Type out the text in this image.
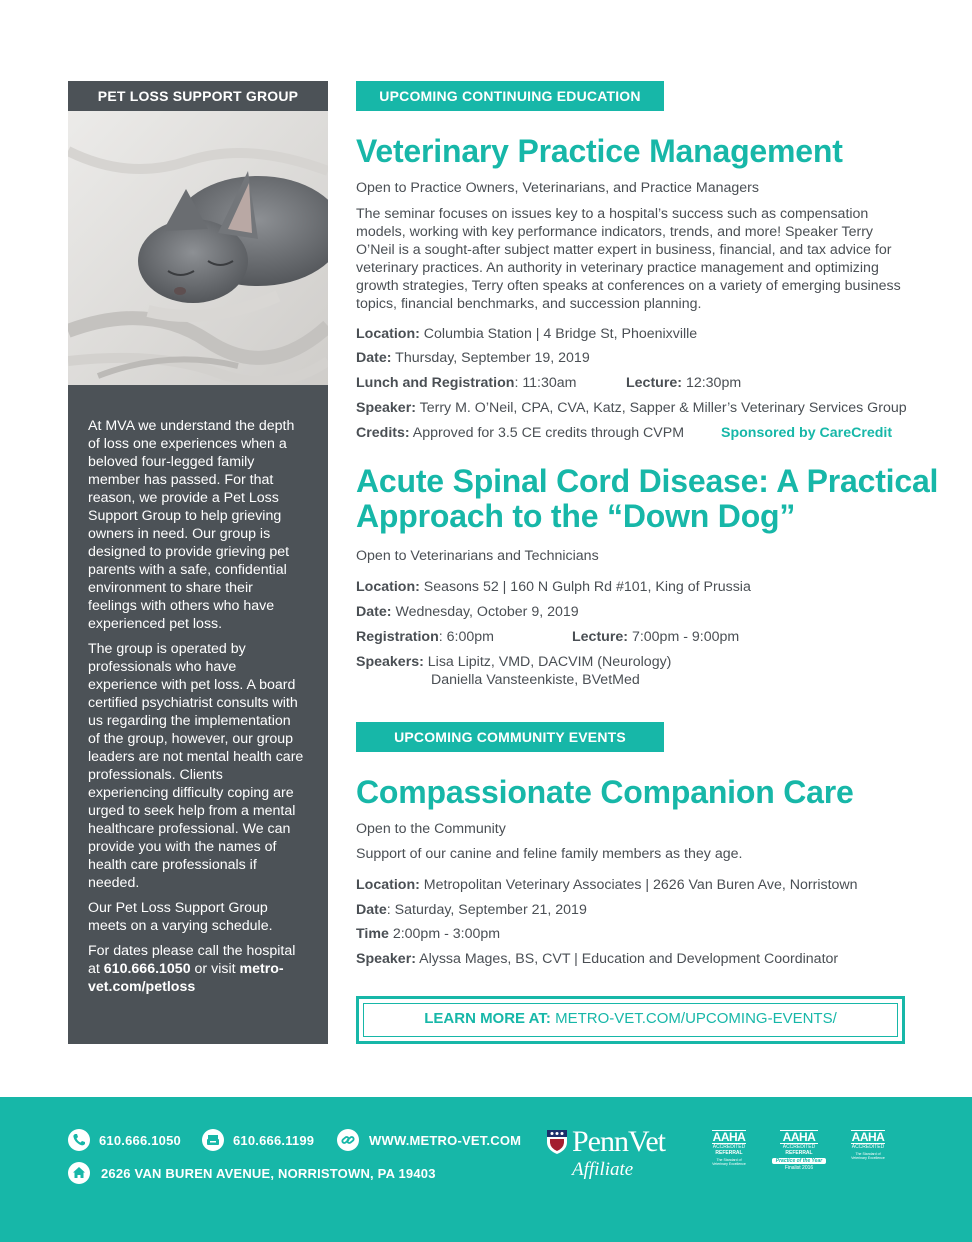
PET LOSS SUPPORT GROUP

At MVA we understand the depth of loss one experiences when a beloved four-legged family member has passed. For that reason, we provide a Pet Loss Support Group to help grieving owners in need. Our group is designed to provide grieving pet parents with a safe, confidential environment to share their feelings with others who have experienced pet loss.

The group is operated by professionals who have experience with pet loss. A board certified psychiatrist consults with us regarding the implementation of the group, however, our group leaders are not mental health care professionals. Clients experiencing difficulty coping are urged to seek help from a mental healthcare professional. We can provide you with the names of health care professionals if needed.

Our Pet Loss Support Group meets on a varying schedule.

For dates please call the hospital at 610.666.1050 or visit metro-vet.com/petloss

UPCOMING CONTINUING EDUCATION
Veterinary Practice Management
Open to Practice Owners, Veterinarians, and Practice Managers
The seminar focuses on issues key to a hospital’s success such as compensation models, working with key performance indicators, trends, and more! Speaker Terry O’Neil is a sought-after subject matter expert in business, financial, and tax advice for veterinary practices. An authority in veterinary practice management and optimizing growth strategies, Terry often speaks at conferences on a variety of emerging business topics, financial benchmarks, and succession planning.
Location: Columbia Station | 4 Bridge St, Phoenixville
Date: Thursday, September 19, 2019
Lunch and Registration: 11:30am	Lecture: 12:30pm
Speaker: Terry M. O’Neil, CPA, CVA, Katz, Sapper & Miller’s Veterinary Services Group
Credits: Approved for 3.5 CE credits through CVPM	Sponsored by CareCredit
Acute Spinal Cord Disease: A Practical
Approach to the “Down Dog”
Open to Veterinarians and Technicians
Location: Seasons 52 | 160 N Gulph Rd #101, King of Prussia
Date: Wednesday, October 9, 2019
Registration: 6:00pm	Lecture: 7:00pm - 9:00pm
Speakers: Lisa Lipitz, VMD, DACVIM (Neurology)
Daniella Vansteenkiste, BVetMed
UPCOMING COMMUNITY EVENTS
Compassionate Companion Care
Open to the Community
Support of our canine and feline family members as they age.
Location: Metropolitan Veterinary Associates | 2626 Van Buren Ave, Norristown
Date: Saturday, September 21, 2019
Time 2:00pm - 3:00pm
Speaker: Alyssa Mages, BS, CVT | Education and Development Coordinator
LEARN MORE AT: METRO-VET.COM/UPCOMING-EVENTS/
610.666.1050	610.666.1199	WWW.METRO-VET.COM
2626 VAN BUREN AVENUE, NORRISTOWN, PA 19403
PennVet
Affiliate
AAHA
ACCREDITED
REFERRAL
The Standard of Veterinary Excellence
AAHA
ACCREDITED
REFERRAL
Practice of the Year
Finalist 2016
AAHA
ACCREDITED
The Standard of Veterinary Excellence
